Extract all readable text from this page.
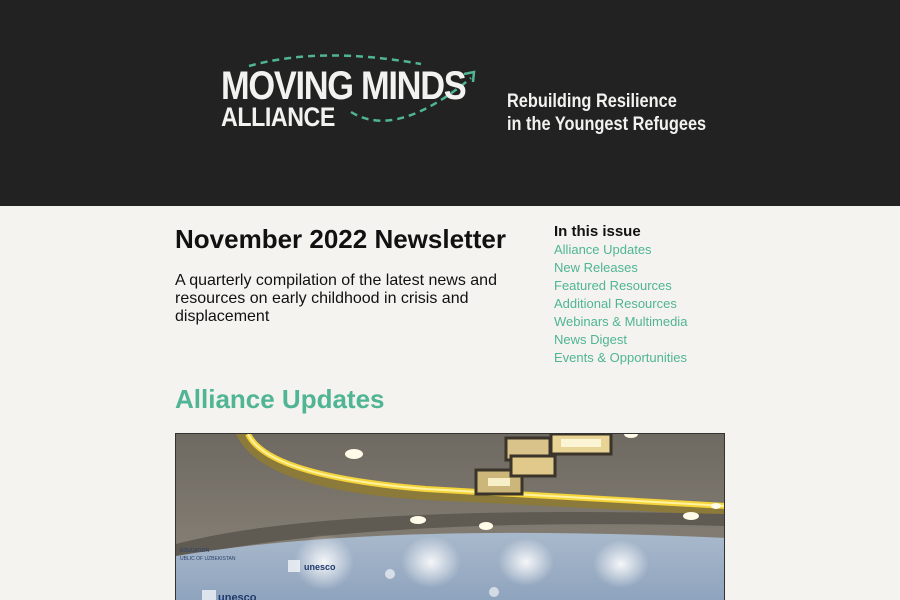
MOVING MINDS
ALLIANCE
Rebuilding Resilience
in the Youngest Refugees
November 2022 Newsletter

A quarterly compilation of the latest news and resources on early childhood in crisis and displacement

In this issue
Alliance Updates
New Releases
Featured Resources
Additional Resources
Webinars & Multimedia
News Digest
Events & Opportunities
Alliance Updates
EDUCATION
UBLIC OF UZBEKISTAN
unesco
unesco
